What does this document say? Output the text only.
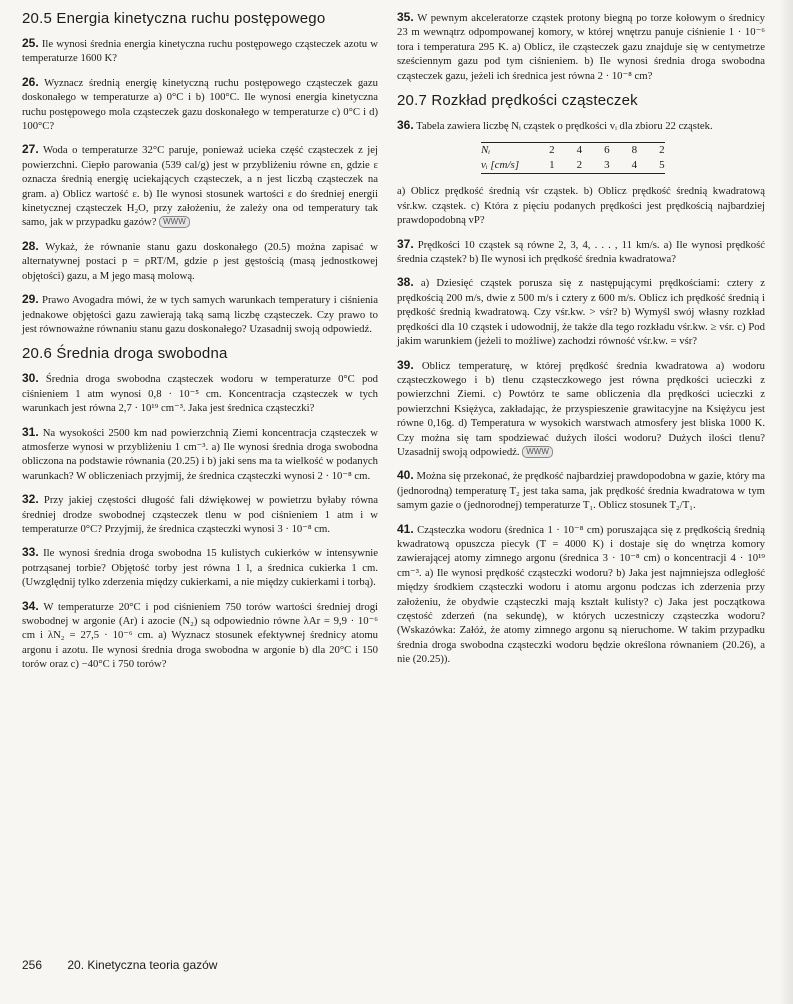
20.5 Energia kinetyczna ruchu postępowego

25. Ile wynosi średnia energia kinetyczna ruchu postępowego cząsteczek azotu w temperaturze 1600 K?

26. Wyznacz średnią energię kinetyczną ruchu postępowego cząsteczek gazu doskonałego w temperaturze a) 0°C i b) 100°C. Ile wynosi energia kinetyczna ruchu postępowego mola cząsteczek gazu doskonałego w temperaturze c) 0°C i d) 100°C?

27. Woda o temperaturze 32°C paruje, ponieważ ucieka część cząsteczek z jej powierzchni. Ciepło parowania (539 cal/g) jest w przybliżeniu równe εn, gdzie ε oznacza średnią energię uciekających cząsteczek, a n jest liczbą cząsteczek na gram. a) Oblicz wartość ε. b) Ile wynosi stosunek wartości ε do średniej energii kinetycznej cząsteczek H₂O, przy założeniu, że zależy ona od temperatury tak samo, jak w przypadku gazów? WWW

28. Wykaż, że równanie stanu gazu doskonałego (20.5) można zapisać w alternatywnej postaci p = ρRT/M, gdzie ρ jest gęstością (masą jednostkowej objętości) gazu, a M jego masą molową.

29. Prawo Avogadra mówi, że w tych samych warunkach temperatury i ciśnienia jednakowe objętości gazu zawierają taką samą liczbę cząsteczek. Czy prawo to jest równoważne równaniu stanu gazu doskonałego? Uzasadnij swoją odpowiedź.

20.6 Średnia droga swobodna

30. Średnia droga swobodna cząsteczek wodoru w temperaturze 0°C pod ciśnieniem 1 atm wynosi 0,8 · 10⁻⁵ cm. Koncentracja cząsteczek w tych warunkach jest równa 2,7 · 10¹⁹ cm⁻³. Jaka jest średnica cząsteczki?

31. Na wysokości 2500 km nad powierzchnią Ziemi koncentracja cząsteczek w atmosferze wynosi w przybliżeniu 1 cm⁻³. a) Ile wynosi średnia droga swobodna obliczona na podstawie równania (20.25) i b) jaki sens ma ta wielkość w podanych warunkach? W obliczeniach przyjmij, że średnica cząsteczki wynosi 2 · 10⁻⁸ cm.

32. Przy jakiej częstości długość fali dźwiękowej w powietrzu byłaby równa średniej drodze swobodnej cząsteczek tlenu w pod ciśnieniem 1 atm i w temperaturze 0°C? Przyjmij, że średnica cząsteczki wynosi 3 · 10⁻⁸ cm.

33. Ile wynosi średnia droga swobodna 15 kulistych cukierków w intensywnie potrząsanej torbie? Objętość torby jest równa 1 l, a średnica cukierka 1 cm. (Uwzględnij tylko zderzenia między cukierkami, a nie między cukierkami i torbą).

34. W temperaturze 20°C i pod ciśnieniem 750 torów wartości średniej drogi swobodnej w argonie (Ar) i azocie (N₂) są odpowiednio równe λAr = 9,9 · 10⁻⁶ cm i λN₂ = 27,5 · 10⁻⁶ cm. a) Wyznacz stosunek efektywnej średnicy atomu argonu i azotu. Ile wynosi średnia droga swobodna w argonie b) dla 20°C i 150 torów oraz c) −40°C i 750 torów?

35. W pewnym akceleratorze cząstek protony biegną po torze kołowym o średnicy 23 m wewnątrz odpompowanej komory, w której wnętrzu panuje ciśnienie 1 · 10⁻⁶ tora i temperatura 295 K. a) Oblicz, ile cząsteczek gazu znajduje się w centymetrze sześciennym gazu pod tym ciśnieniem. b) Ile wynosi średnia droga swobodna cząsteczek gazu, jeżeli ich średnica jest równa 2 · 10⁻⁸ cm?

20.7 Rozkład prędkości cząsteczek

36. Tabela zawiera liczbę Nᵢ cząstek o prędkości vᵢ dla zbioru 22 cząstek.

Nᵢ	2	4	6	8	2
vᵢ [cm/s]	1	2	3	4	5

a) Oblicz prędkość średnią vśr cząstek. b) Oblicz prędkość średnią kwadratową vśr.kw. cząstek. c) Która z pięciu podanych prędkości jest prędkością najbardziej prawdopodobną vP?

37. Prędkości 10 cząstek są równe 2, 3, 4, . . . , 11 km/s. a) Ile wynosi prędkość średnia cząstek? b) Ile wynosi ich prędkość średnia kwadratowa?

38. a) Dziesięć cząstek porusza się z następującymi prędkościami: cztery z prędkością 200 m/s, dwie z 500 m/s i cztery z 600 m/s. Oblicz ich prędkość średnią i prędkość średnią kwadratową. Czy vśr.kw. > vśr? b) Wymyśl swój własny rozkład prędkości dla 10 cząstek i udowodnij, że także dla tego rozkładu vśr.kw. ≥ vśr. c) Pod jakim warunkiem (jeżeli to możliwe) zachodzi równość vśr.kw. = vśr?

39. Oblicz temperaturę, w której prędkość średnia kwadratowa a) wodoru cząsteczkowego i b) tlenu cząsteczkowego jest równa prędkości ucieczki z powierzchni Ziemi. c) Powtórz te same obliczenia dla prędkości ucieczki z powierzchni Księżyca, zakładając, że przyspieszenie grawitacyjne na Księżycu jest równe 0,16g. d) Temperatura w wysokich warstwach atmosfery jest bliska 1000 K. Czy można się tam spodziewać dużych ilości wodoru? Dużych ilości tlenu? Uzasadnij swoją odpowiedź. WWW

40. Można się przekonać, że prędkość najbardziej prawdopodobna w gazie, który ma (jednorodną) temperaturę T₂ jest taka sama, jak prędkość średnia kwadratowa w tym samym gazie o (jednorodnej) temperaturze T₁. Oblicz stosunek T₂/T₁.

41. Cząsteczka wodoru (średnica 1 · 10⁻⁸ cm) poruszająca się z prędkością średnią kwadratową opuszcza piecyk (T = 4000 K) i dostaje się do wnętrza komory zawierającej atomy zimnego argonu (średnica 3 · 10⁻⁸ cm) o koncentracji 4 · 10¹⁹ cm⁻³. a) Ile wynosi prędkość cząsteczki wodoru? b) Jaka jest najmniejsza odległość między środkiem cząsteczki wodoru i atomu argonu podczas ich zderzenia przy założeniu, że obydwie cząsteczki mają kształt kulisty? c) Jaka jest początkowa częstość zderzeń (na sekundę), w których uczestniczy cząsteczka wodoru? (Wskazówka: Załóż, że atomy zimnego argonu są nieruchome. W takim przypadku średnia droga swobodna cząsteczki wodoru będzie określona równaniem (20.26), a nie (20.25)).

256 20. Kinetyczna teoria gazów
